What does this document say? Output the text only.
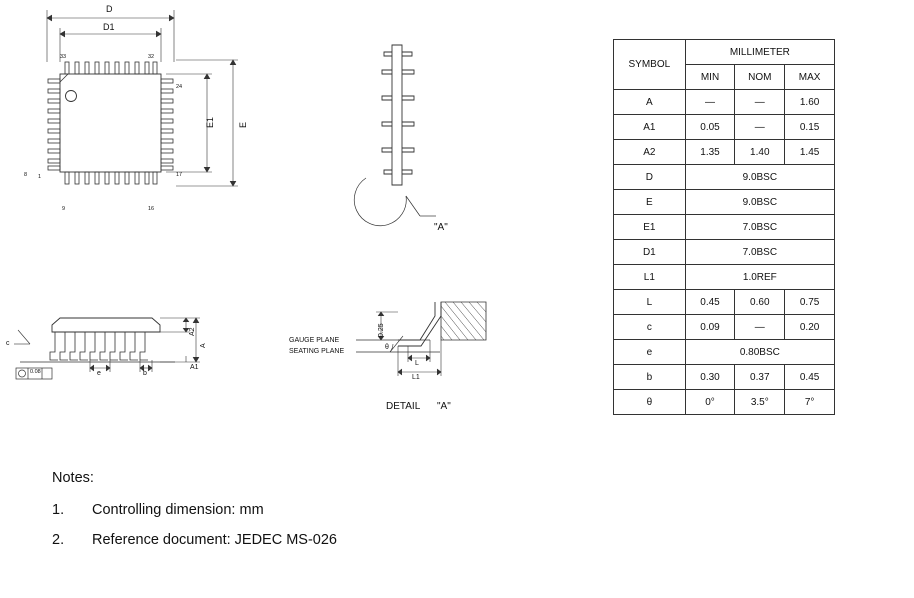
D
D1
E
E1
33	32
24
17
16
9
8 1
A
A2
A1
c
e	b
0.08
"A"
DETAIL "A"
GAUGE PLANE
SEATING PLANE
0.25
L
L1
θ
SYMBOL	MILLIMETER		
	MIN	NOM	MAX
A	—	—	1.60
A1	0.05	—	0.15
A2	1.35	1.40	1.45
D	9.0BSC		
E	9.0BSC		
E1	7.0BSC		
D1	7.0BSC		
L1	1.0REF		
L	0.45	0.60	0.75
c	0.09	—	0.20
e	0.80BSC		
b	0.30	0.37	0.45
θ	0°	3.5°	7°
Notes:
1.	Controlling dimension: mm
2.	Reference document: JEDEC MS-026
